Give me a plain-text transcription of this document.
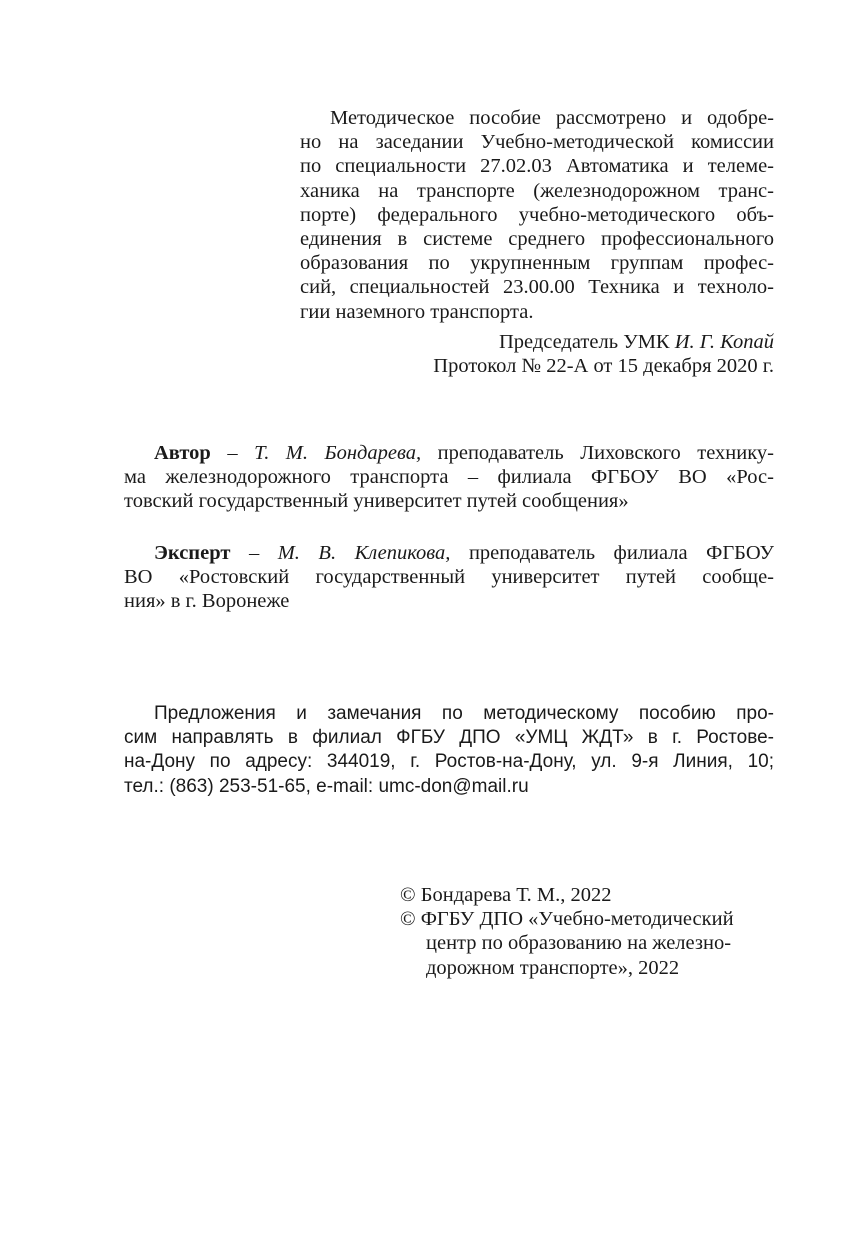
Методическое пособие рассмотрено и одобре-
но на заседании Учебно-методической комиссии
по специальности 27.02.03 Автоматика и телеме-
ханика на транспорте (железнодорожном транс-
порте) федерального учебно-методического объ-
единения в системе среднего профессионального
образования по укрупненным группам профес-
сий, специальностей 23.00.00 Техника и техноло-
гии наземного транспорта.
Председатель УМК И. Г. Копай
Протокол № 22-А от 15 декабря 2020 г.
Автор – Т. М. Бондарева, преподаватель Лиховского технику-
ма железнодорожного транспорта – филиала ФГБОУ ВО «Рос-
товский государственный университет путей сообщения»
Эксперт – М. В. Клепикова, преподаватель филиала ФГБОУ
ВО «Ростовский государственный университет путей сообще-
ния» в г. Воронеже
Предложения и замечания по методическому пособию про-
сим направлять в филиал ФГБУ ДПО «УМЦ ЖДТ» в г. Ростове-
на-Дону по адресу: 344019, г. Ростов-на-Дону, ул. 9-я Линия, 10;
тел.: (863) 253-51-65, e-mail: umc-don@mail.ru
© Бондарева Т. М., 2022
© ФГБУ ДПО «Учебно-методический
центр по образованию на железно-
дорожном транспорте», 2022
